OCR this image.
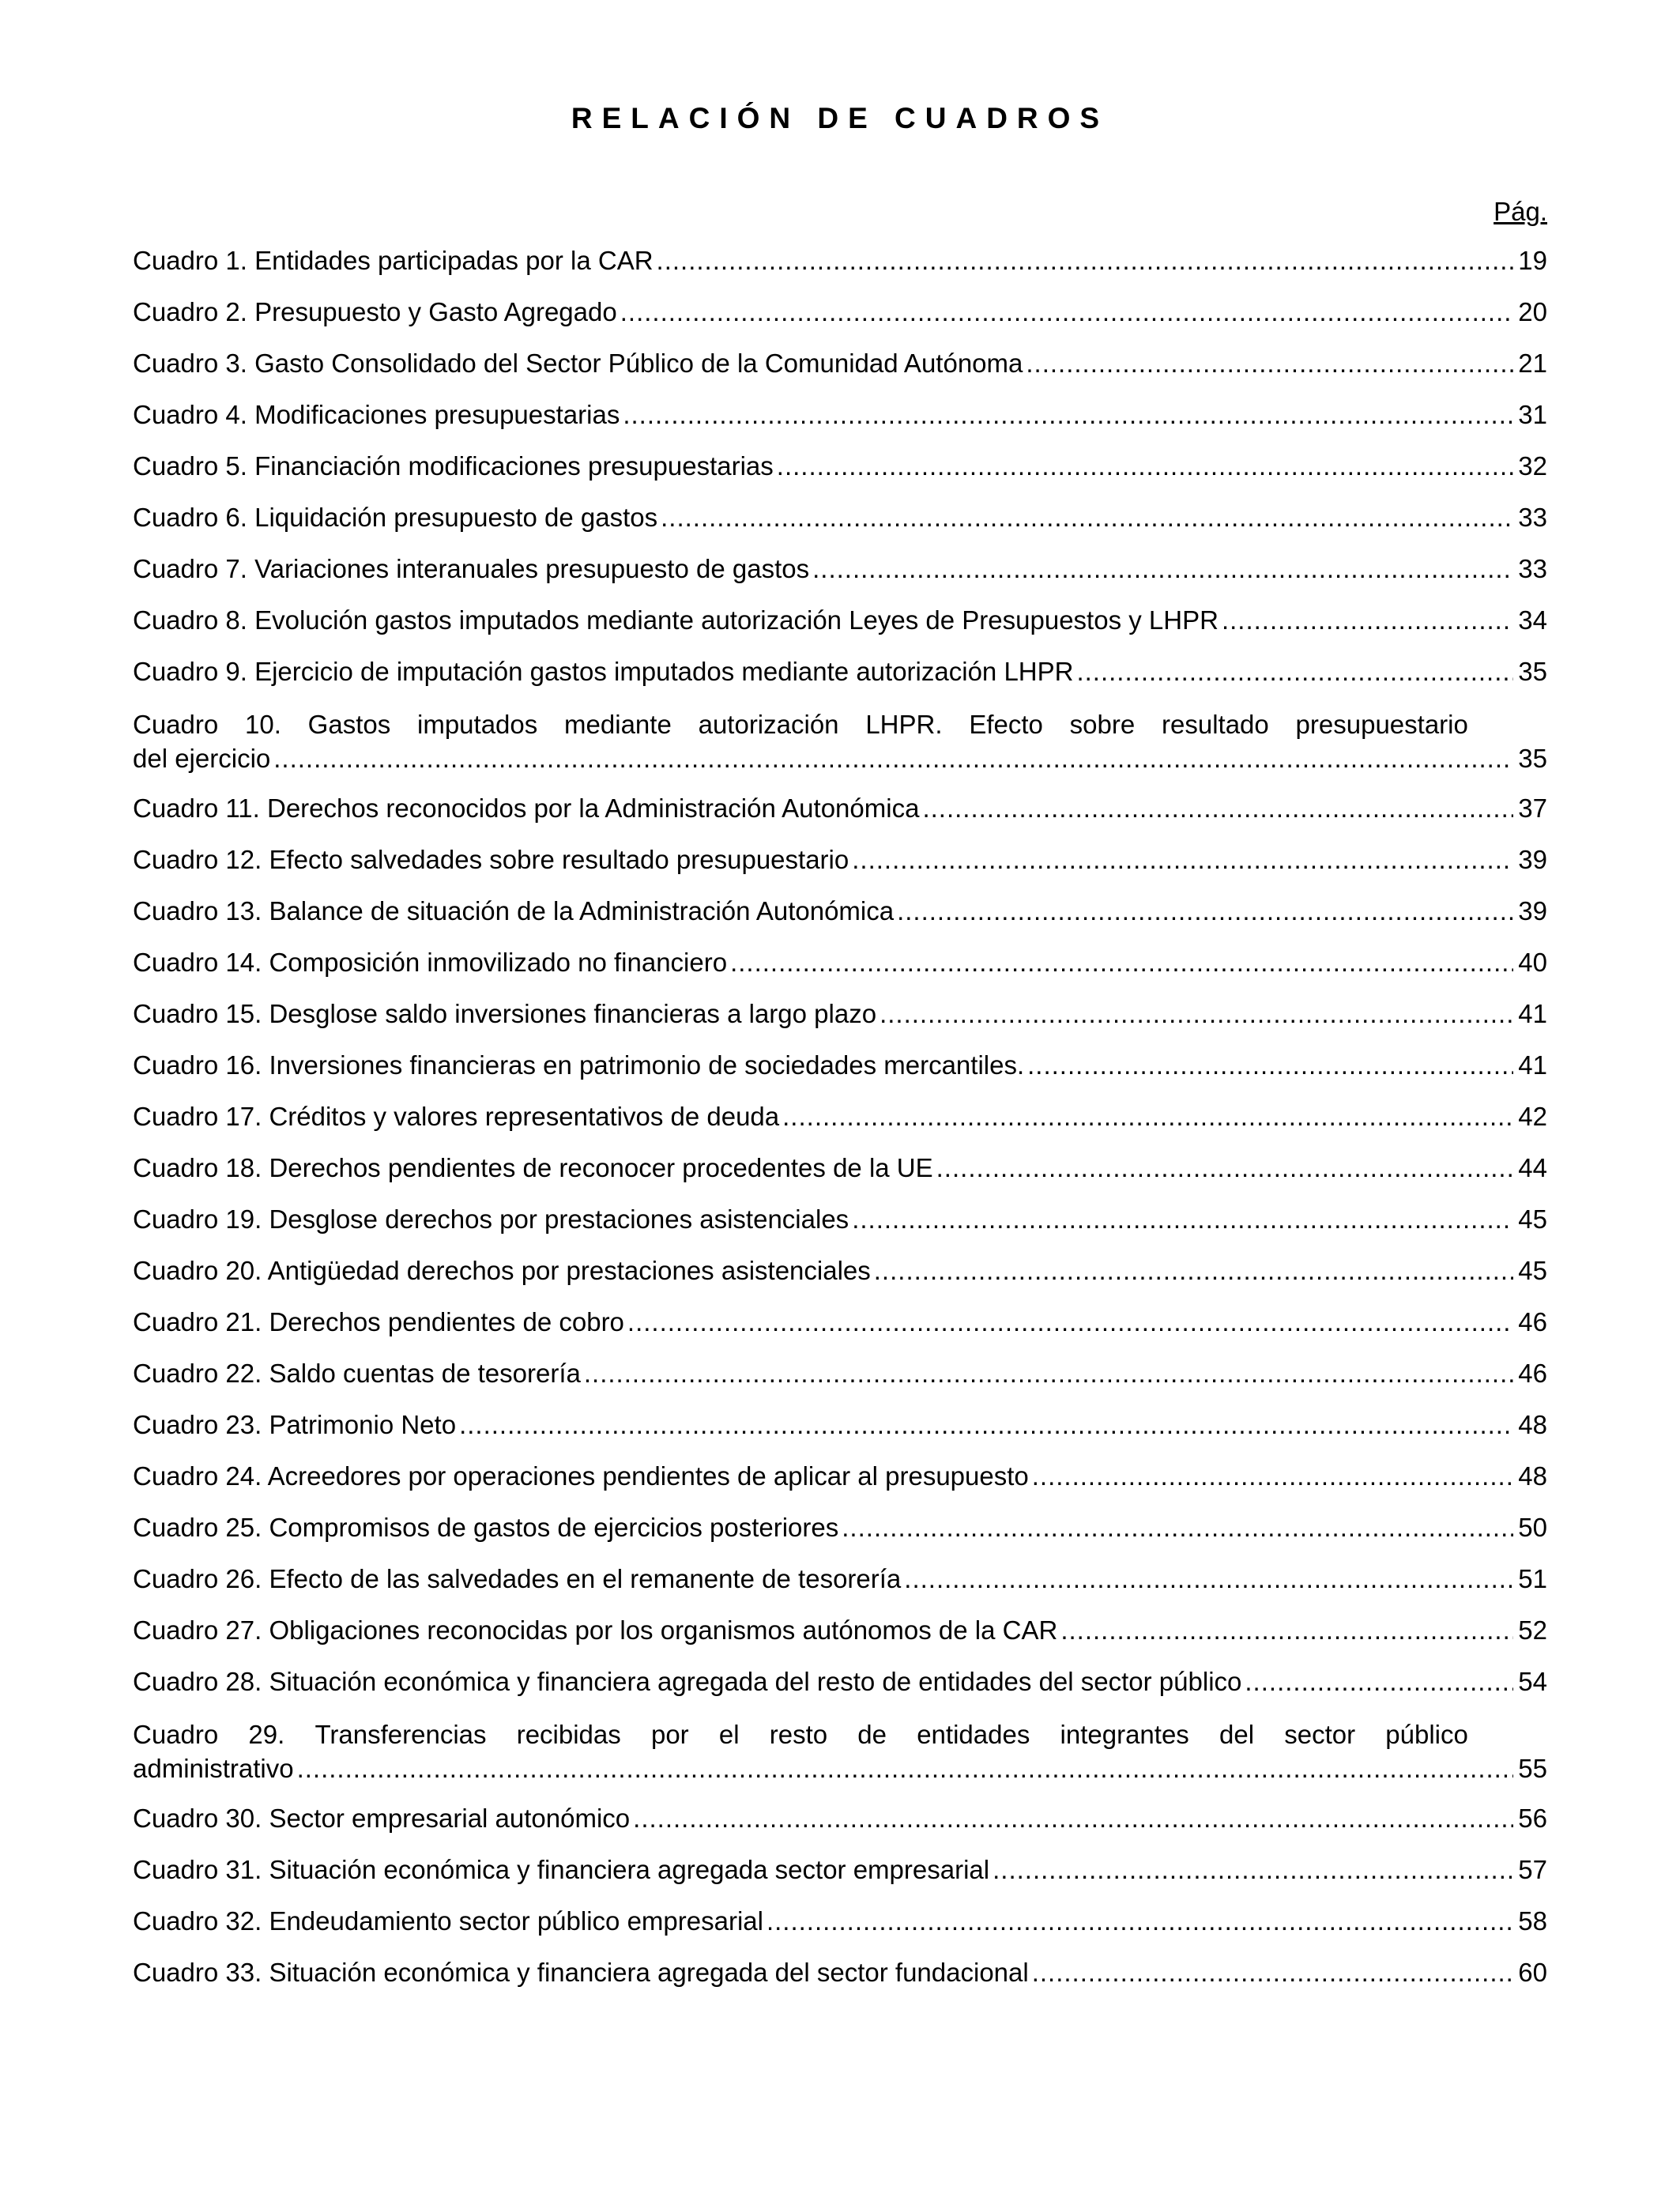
RELACIÓN DE CUADROS
Pág.
Cuadro 1. Entidades participadas por la CAR .....	19
Cuadro 2. Presupuesto y Gasto Agregado .....	20
Cuadro 3. Gasto Consolidado del Sector Público de la Comunidad Autónoma .....	21
Cuadro 4. Modificaciones presupuestarias .....	31
Cuadro 5. Financiación modificaciones presupuestarias .....	32
Cuadro 6. Liquidación presupuesto de gastos .....	33
Cuadro 7. Variaciones interanuales presupuesto de gastos .....	33
Cuadro 8. Evolución gastos imputados mediante autorización Leyes de Presupuestos y LHPR .....	34
Cuadro 9. Ejercicio de imputación gastos imputados mediante autorización LHPR .....	35
Cuadro 10. Gastos imputados mediante autorización LHPR. Efecto sobre resultado presupuestario
del ejercicio .....	35
Cuadro 11. Derechos reconocidos por la Administración Autonómica .....	37
Cuadro 12. Efecto salvedades sobre resultado presupuestario .....	39
Cuadro 13. Balance de situación de la Administración Autonómica .....	39
Cuadro 14. Composición inmovilizado no financiero .....	40
Cuadro 15. Desglose saldo inversiones financieras a largo plazo .....	41
Cuadro 16. Inversiones financieras en patrimonio de sociedades mercantiles. .....	41
Cuadro 17. Créditos y valores representativos de deuda .....	42
Cuadro 18. Derechos pendientes de reconocer procedentes de la UE .....	44
Cuadro 19. Desglose derechos por prestaciones asistenciales .....	45
Cuadro 20. Antigüedad derechos por prestaciones asistenciales .....	45
Cuadro 21. Derechos pendientes de cobro .....	46
Cuadro 22. Saldo cuentas de tesorería .....	46
Cuadro 23. Patrimonio Neto .....	48
Cuadro 24. Acreedores por operaciones pendientes de aplicar al presupuesto .....	48
Cuadro 25. Compromisos de gastos de ejercicios posteriores .....	50
Cuadro 26. Efecto de las salvedades en el remanente de tesorería .....	51
Cuadro 27. Obligaciones reconocidas por los organismos autónomos de la CAR .....	52
Cuadro 28. Situación económica y financiera agregada del resto de entidades del sector público .....	54
Cuadro 29. Transferencias recibidas por el resto de entidades integrantes del sector público
administrativo .....	55
Cuadro 30. Sector empresarial autonómico .....	56
Cuadro 31. Situación económica y financiera agregada sector empresarial .....	57
Cuadro 32. Endeudamiento sector público empresarial .....	58
Cuadro 33. Situación económica y financiera agregada del sector fundacional .....	60
